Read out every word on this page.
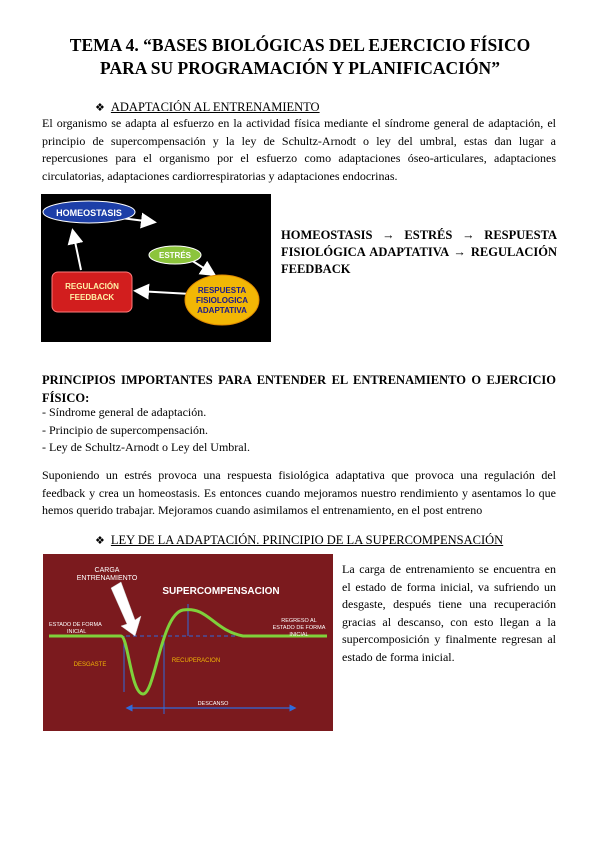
TEMA 4. “BASES BIOLÓGICAS DEL EJERCICIO FÍSICO
PARA SU PROGRAMACIÓN Y PLANIFICACIÓN”
❖ ADAPTACIÓN AL ENTRENAMIENTO
El organismo se adapta al esfuerzo en la actividad física mediante el síndrome general de adaptación, el principio de supercompensación y la ley de Schultz-Arnodt o ley del umbral, estas dan lugar a repercusiones para el organismo por el esfuerzo como adaptaciones óseo-articulares, adaptaciones circulatorias, adaptaciones cardiorrespiratorias y adaptaciones endocrinas.
HOMEOSTASIS
ESTRÉS
RESPUESTA
FISIOLOGICA
ADAPTATIVA
REGULACIÓN
FEEDBACK
HOMEOSTASIS → ESTRÉS → RESPUESTA FISIOLÓGICA ADAPTATIVA → REGULACIÓN FEEDBACK
PRINCIPIOS IMPORTANTES PARA ENTENDER EL ENTRENAMIENTO O EJERCICIO FÍSICO:
- Síndrome general de adaptación.
- Principio de supercompensación.
- Ley de Schultz-Arnodt o Ley del Umbral.
Suponiendo un estrés provoca una respuesta fisiológica adaptativa que provoca una regulación del feedback y crea un homeostasis. Es entonces cuando mejoramos nuestro rendimiento y asentamos lo que hemos querido trabajar. Mejoramos cuando asimilamos el entrenamiento, en el post entreno
❖ LEY DE LA ADAPTACIÓN. PRINCIPIO DE LA SUPERCOMPENSACIÓN
CARGA
ENTRENAMIENTO
SUPERCOMPENSACION
ESTADO DE FORMA
INICIAL
REGRESO AL
ESTADO DE FORMA
INICIAL
DESGASTE
RECUPERACION
DESCANSO
La carga de entrenamiento se encuentra en el estado de forma inicial, va sufriendo un desgaste, después tiene una recuperación gracias al descanso, con esto llegan a la supercomposición y finalmente regresan al estado de forma inicial.
